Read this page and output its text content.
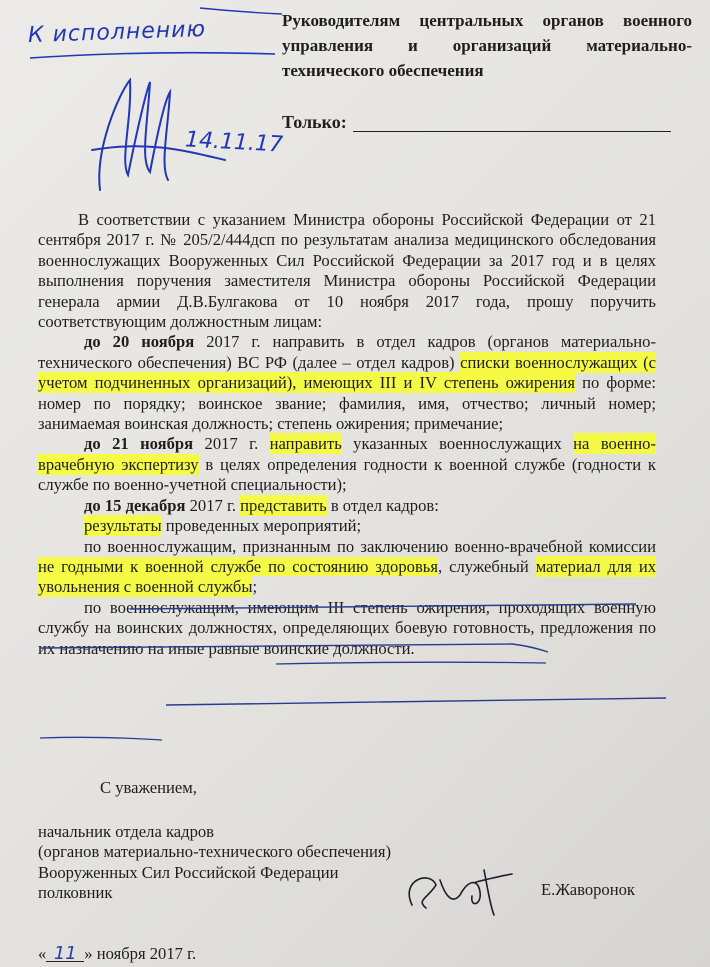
К исполнению
14.11.17
Руководителям центральных органов военного управления и организаций материально-технического обеспечения
Только:

В соответствии с указанием Министра обороны Российской Федерации от 21 сентября 2017 г. № 205/2/444дсп по результатам анализа медицинского обследования военнослужащих Вооруженных Сил Российской Федерации за 2017 год и в целях выполнения поручения заместителя Министра обороны Российской Федерации генерала армии Д.В.Булгакова от 10 ноября 2017 года, прошу поручить соответствующим должностным лицам:

до 20 ноября 2017 г. направить в отдел кадров (органов материально-технического обеспечения) ВС РФ (далее – отдел кадров) списки военнослужащих (с учетом подчиненных организаций), имеющих III и IV степень ожирения по форме: номер по порядку; воинское звание; фамилия, имя, отчество; личный номер; занимаемая воинская должность; степень ожирения; примечание;

до 21 ноября 2017 г. направить указанных военнослужащих на военно-врачебную экспертизу в целях определения годности к военной службе (годности к службе по военно-учетной специальности);

до 15 декабря 2017 г. представить в отдел кадров:

результаты проведенных мероприятий;

по военнослужащим, признанным по заключению военно-врачебной комиссии не годными к военной службе по состоянию здоровья, служебный материал для их увольнения с военной службы;

по военнослужащим, имеющим III степень ожирения, проходящих военную службу на воинских должностях, определяющих боевую готовность, предложения по их назначению на иные равные воинские должности.

С уважением,
начальник отдела кадров
(органов материально-технического обеспечения)
Вооруженных Сил Российской Федерации
полковник	Е.Жаворонок
« 11 » ноября 2017 г.
